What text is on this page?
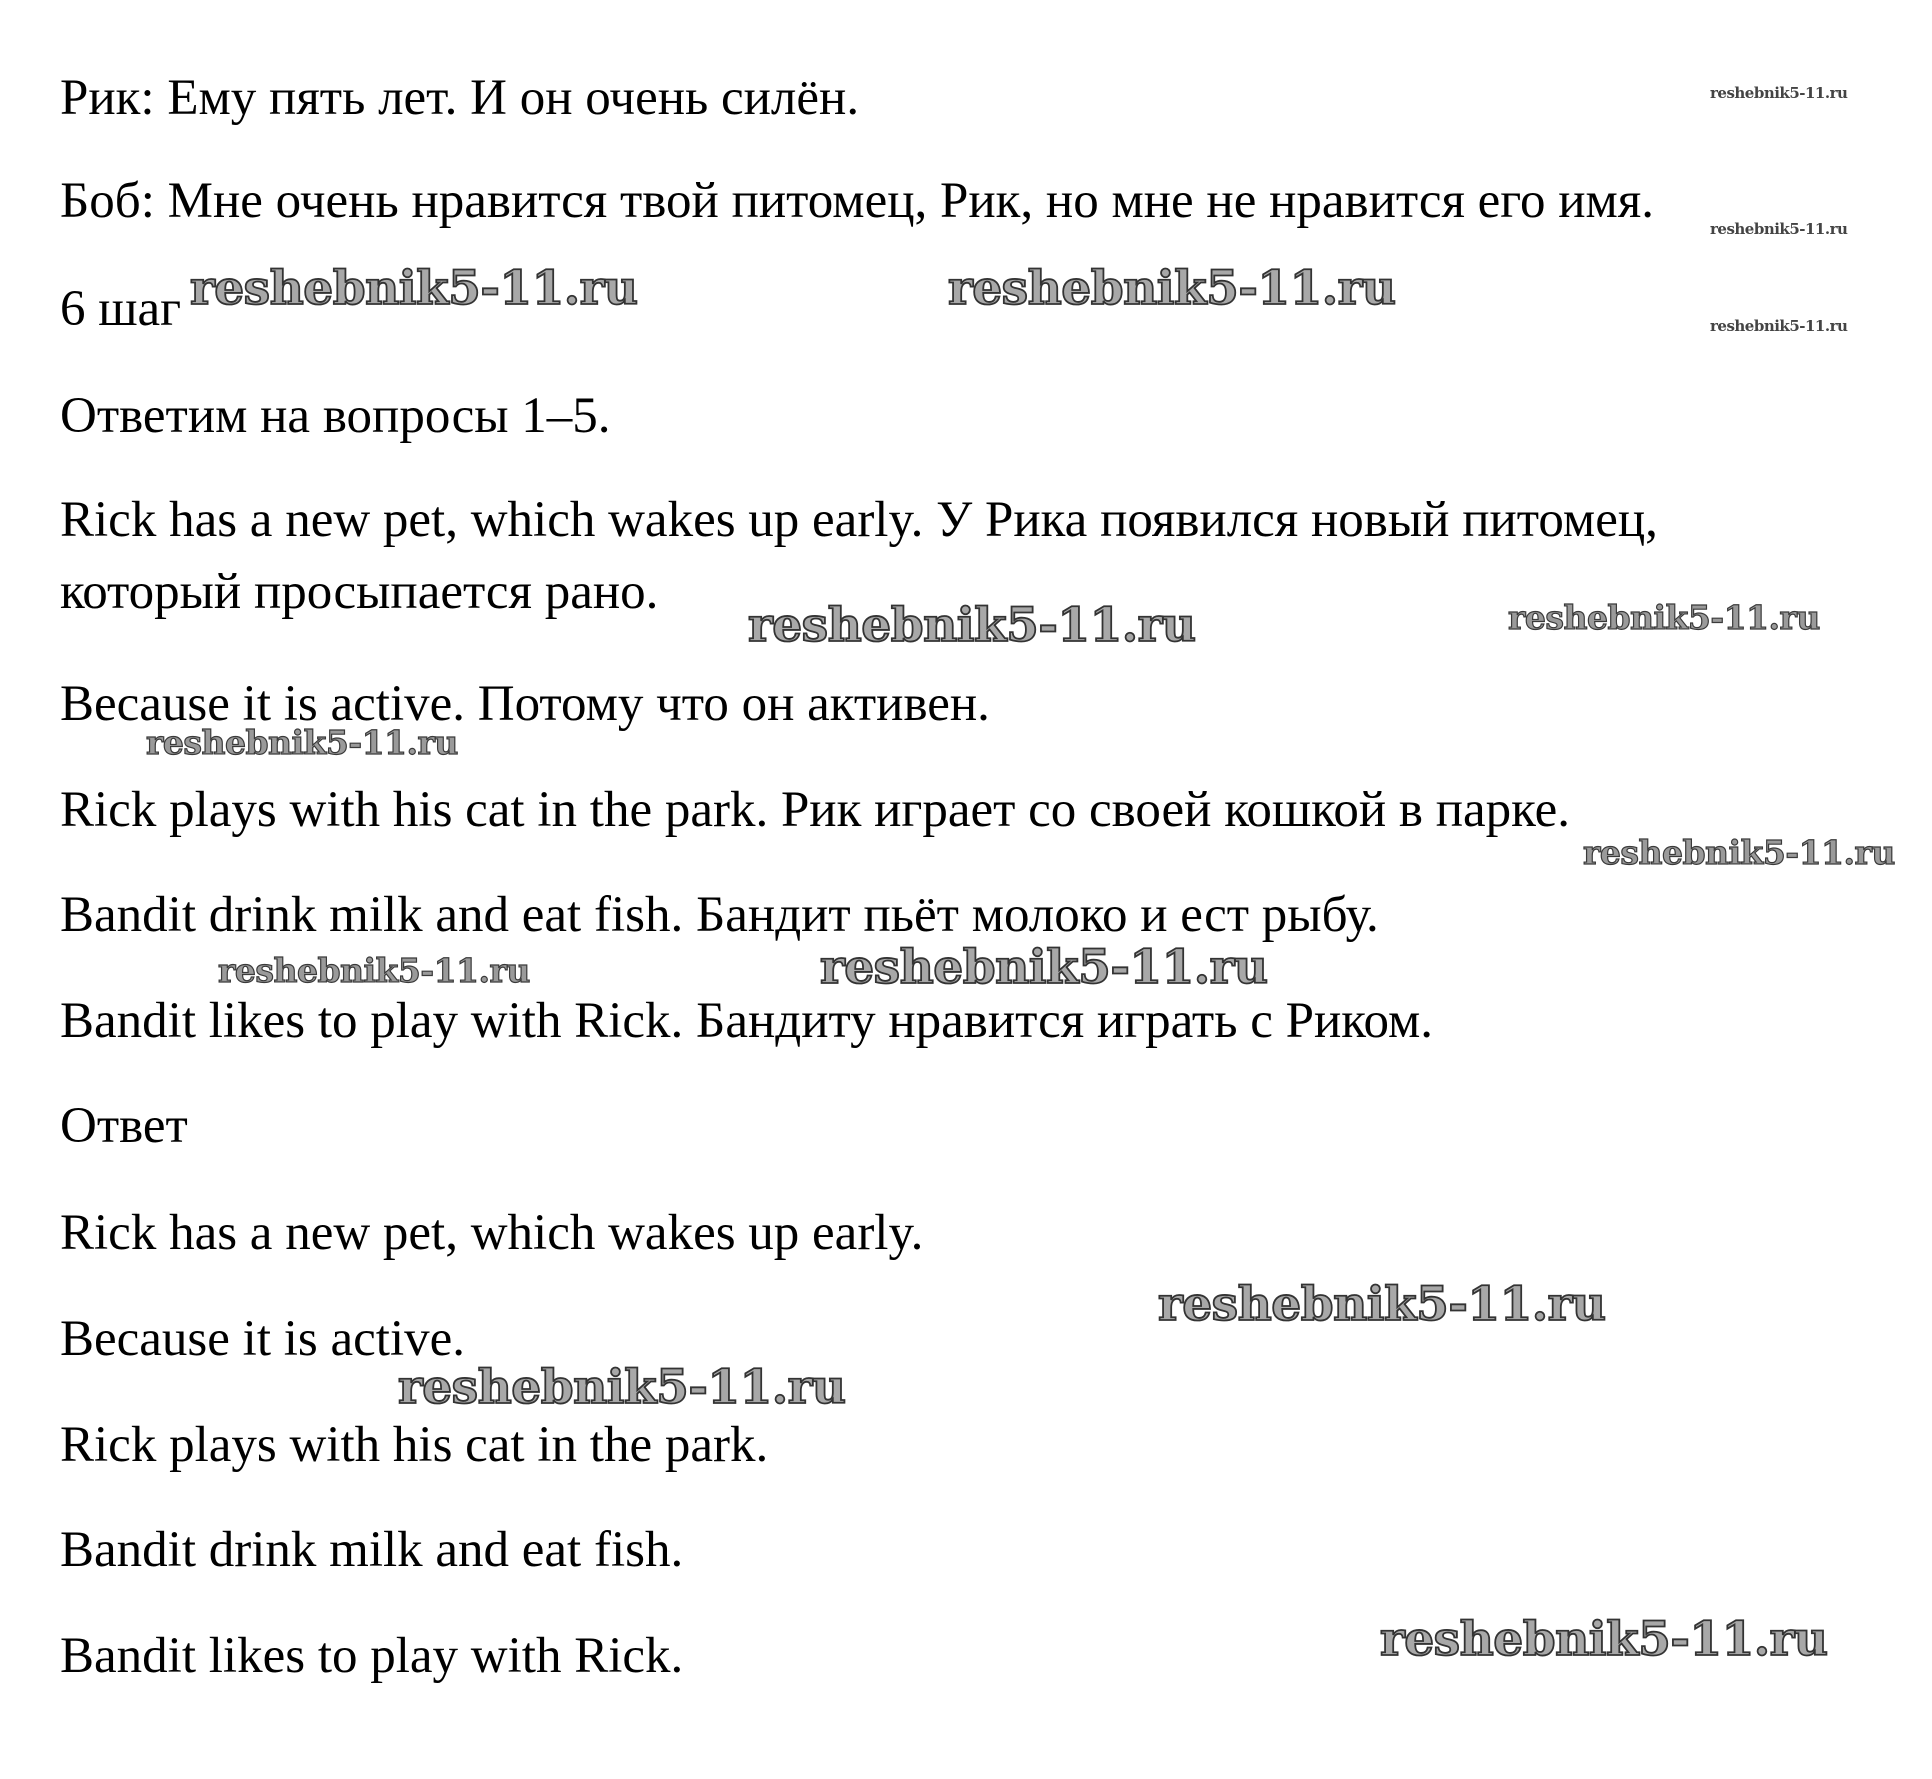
Рик: Ему пять лет. И он очень силён.
Боб: Мне очень нравится твой питомец, Рик, но мне не нравится его имя.
6 шаг
Ответим на вопросы 1–5.
Rick has a new pet, which wakes up early. У Рика появился новый питомец,
который просыпается рано.
Because it is active. Потому что он активен.
Rick plays with his cat in the park. Рик играет со своей кошкой в парке.
Bandit drink milk and eat fish. Бандит пьёт молоко и ест рыбу.
Bandit likes to play with Rick. Бандиту нравится играть с Риком.
Ответ
Rick has a new pet, which wakes up early.
Because it is active.
Rick plays with his cat in the park.
Bandit drink milk and eat fish.
Bandit likes to play with Rick.
reshebnik5-11.ru
reshebnik5-11.ru
reshebnik5-11.ru
reshebnik5-11.ru	reshebnik5-11.ru
reshebnik5-11.ru	reshebnik5-11.ru
reshebnik5-11.ru
reshebnik5-11.ru
reshebnik5-11.ru	reshebnik5-11.ru
reshebnik5-11.ru
reshebnik5-11.ru
reshebnik5-11.ru
